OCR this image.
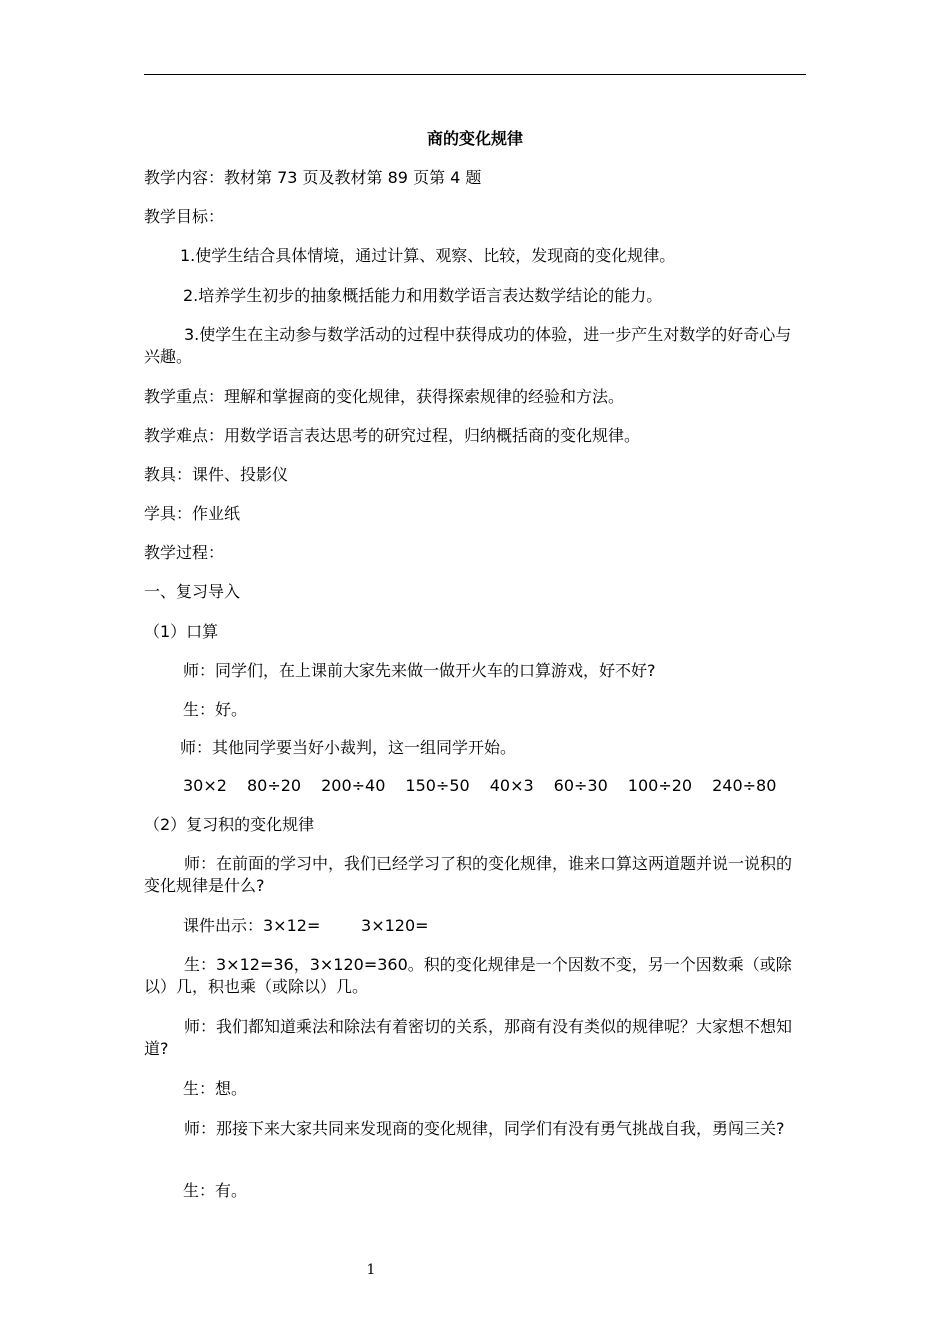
商的变化规律
教学内容：教材第 73 页及教材第 89 页第 4 题
教学目标：
1.使学生结合具体情境，通过计算、观察、比较，发现商的变化规律。
2.培养学生初步的抽象概括能力和用数学语言表达数学结论的能力。
3.使学生在主动参与数学活动的过程中获得成功的体验，进一步产生对数学的好奇心与兴趣。
教学重点：理解和掌握商的变化规律，获得探索规律的经验和方法。
教学难点：用数学语言表达思考的研究过程，归纳概括商的变化规律。
教具：课件、投影仪
学具：作业纸
教学过程：
一、复习导入
（1）口算
师：同学们，在上课前大家先来做一做开火车的口算游戏，好不好?
生：好。
师：其他同学要当好小裁判，这一组同学开始。
30×2 80÷20 200÷40 150÷50 40×3 60÷30 100÷20 240÷80
（2）复习积的变化规律
师：在前面的学习中，我们已经学习了积的变化规律，谁来口算这两道题并说一说积的变化规律是什么?
课件出示：3×12=        3×120=
生：3×12=36，3×120=360。积的变化规律是一个因数不变，另一个因数乘（或除以）几，积也乘（或除以）几。
师：我们都知道乘法和除法有着密切的关系，那商有没有类似的规律呢？大家想不想知道?
生：想。
师：那接下来大家共同来发现商的变化规律，同学们有没有勇气挑战自我，勇闯三关?
生：有。
1
